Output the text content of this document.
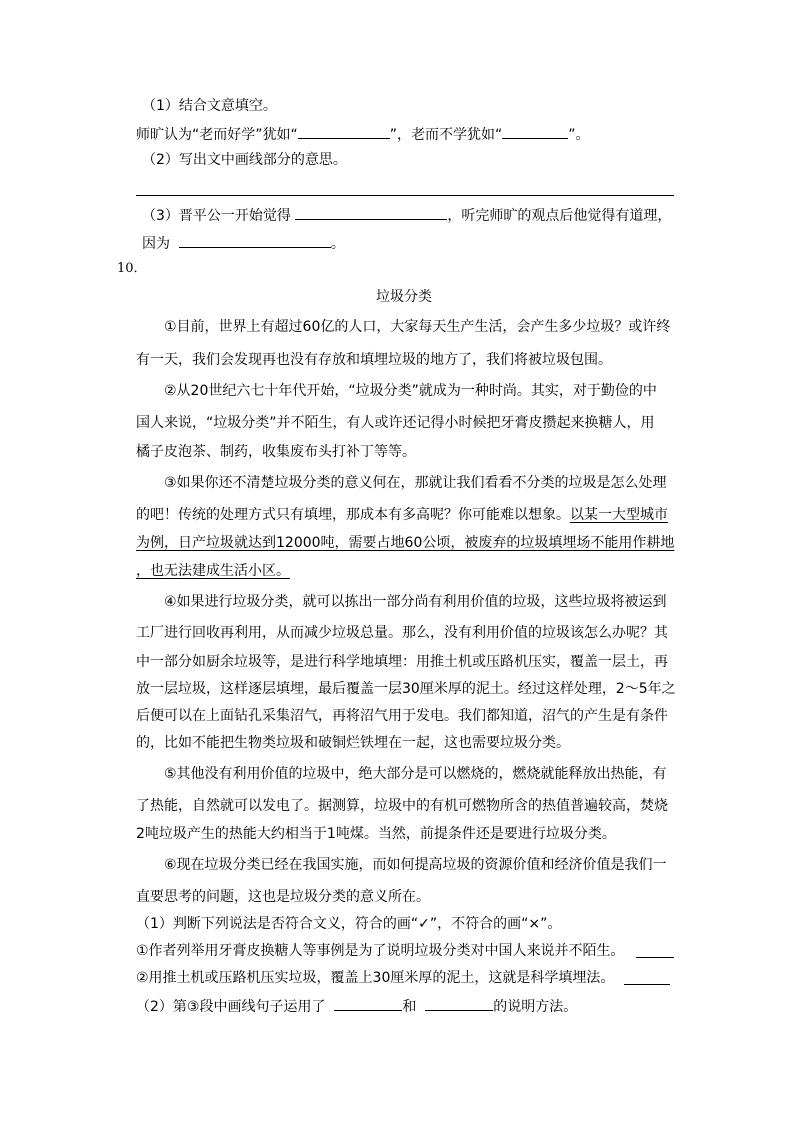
（1）结合文意填空。
师旷认为“老而好学”犹如“	”，老而不学犹如“	”。
（2）写出文中画线部分的意思。
（3）晋平公一开始觉得	，听完师旷的观点后他觉得有道理，
因为	。
10．
垃圾分类
①目前，世界上有超过60亿的人口，大家每天生产生活，会产生多少垃圾？或许终
有一天，我们会发现再也没有存放和填埋垃圾的地方了，我们将被垃圾包围。
②从20世纪六七十年代开始，“垃圾分类”就成为一种时尚。其实，对于勤俭的中
国人来说，“垃圾分类”并不陌生，有人或许还记得小时候把牙膏皮攒起来换糖人，用
橘子皮泡茶、制药，收集废布头打补丁等等。
③如果你还不清楚垃圾分类的意义何在，那就让我们看看不分类的垃圾是怎么处理
的吧！传统的处理方式只有填埋，那成本有多高呢？你可能难以想象。以某一大型城市
为例，日产垃圾就达到12000吨，需要占地60公顷，被废弃的垃圾填埋场不能用作耕地
，也无法建成生活小区。
④如果进行垃圾分类，就可以拣出一部分尚有利用价值的垃圾，这些垃圾将被运到
工厂进行回收再利用，从而减少垃圾总量。那么，没有利用价值的垃圾该怎么办呢？其
中一部分如厨余垃圾等，是进行科学地填埋：用推土机或压路机压实，覆盖一层土，再
放一层垃圾，这样逐层填埋，最后覆盖一层30厘米厚的泥土。经过这样处理，2～5年之
后便可以在上面钻孔采集沼气，再将沼气用于发电。我们都知道，沼气的产生是有条件
的，比如不能把生物类垃圾和破铜烂铁埋在一起，这也需要垃圾分类。
⑤其他没有利用价值的垃圾中，绝大部分是可以燃烧的，燃烧就能释放出热能，有
了热能，自然就可以发电了。据测算，垃圾中的有机可燃物所含的热值普遍较高，焚烧
2吨垃圾产生的热能大约相当于1吨煤。当然，前提条件还是要进行垃圾分类。
⑥现在垃圾分类已经在我国实施，而如何提高垃圾的资源价值和经济价值是我们一
直要思考的问题，这也是垃圾分类的意义所在。
（1）判断下列说法是否符合文义，符合的画“✓”，不符合的画“×”。
①作者列举用牙膏皮换糖人等事例是为了说明垃圾分类对中国人来说并不陌生。
②用推土机或压路机压实垃圾，覆盖上30厘米厚的泥土，这就是科学填埋法。
（2）第③段中画线句子运用了	和	的说明方法。
